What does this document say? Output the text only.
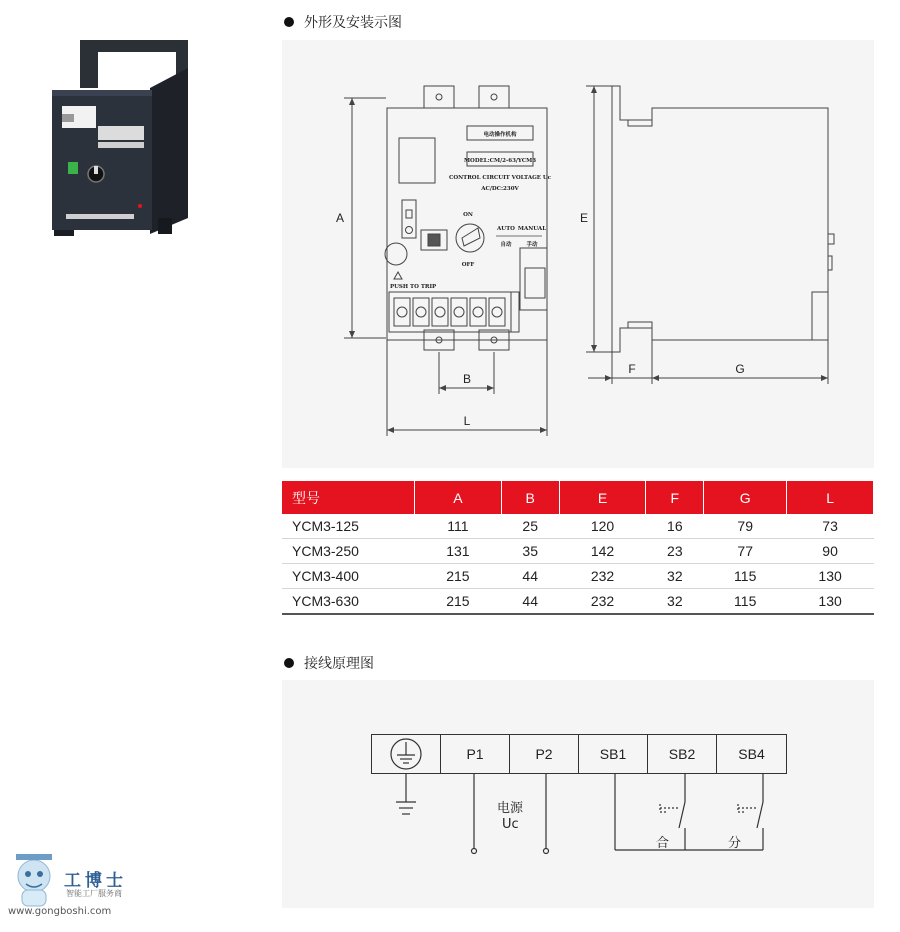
外形及安装示图
电动操作机构
MODEL:CM/2-63/YCM3
CONTROL CIRCUIT VOLTAGE Uc
AC/DC:230V
ON
OFF
AUTO
自动
MANUAL
手动
PUSH TO TRIP
A
B
L
E
F	G
型号	A	B	E	F	G	L
YCM3-125	111	25	120	16	79	73
YCM3-250	131	35	142	23	77	90
YCM3-400	215	44	232	32	115	130
YCM3-630	215	44	232	32	115	130
接线原理图
P1	P2	SB1	SB2	SB4
电源
Uc
合	分
工博士
智能工厂服务商
www.gongboshi.com
